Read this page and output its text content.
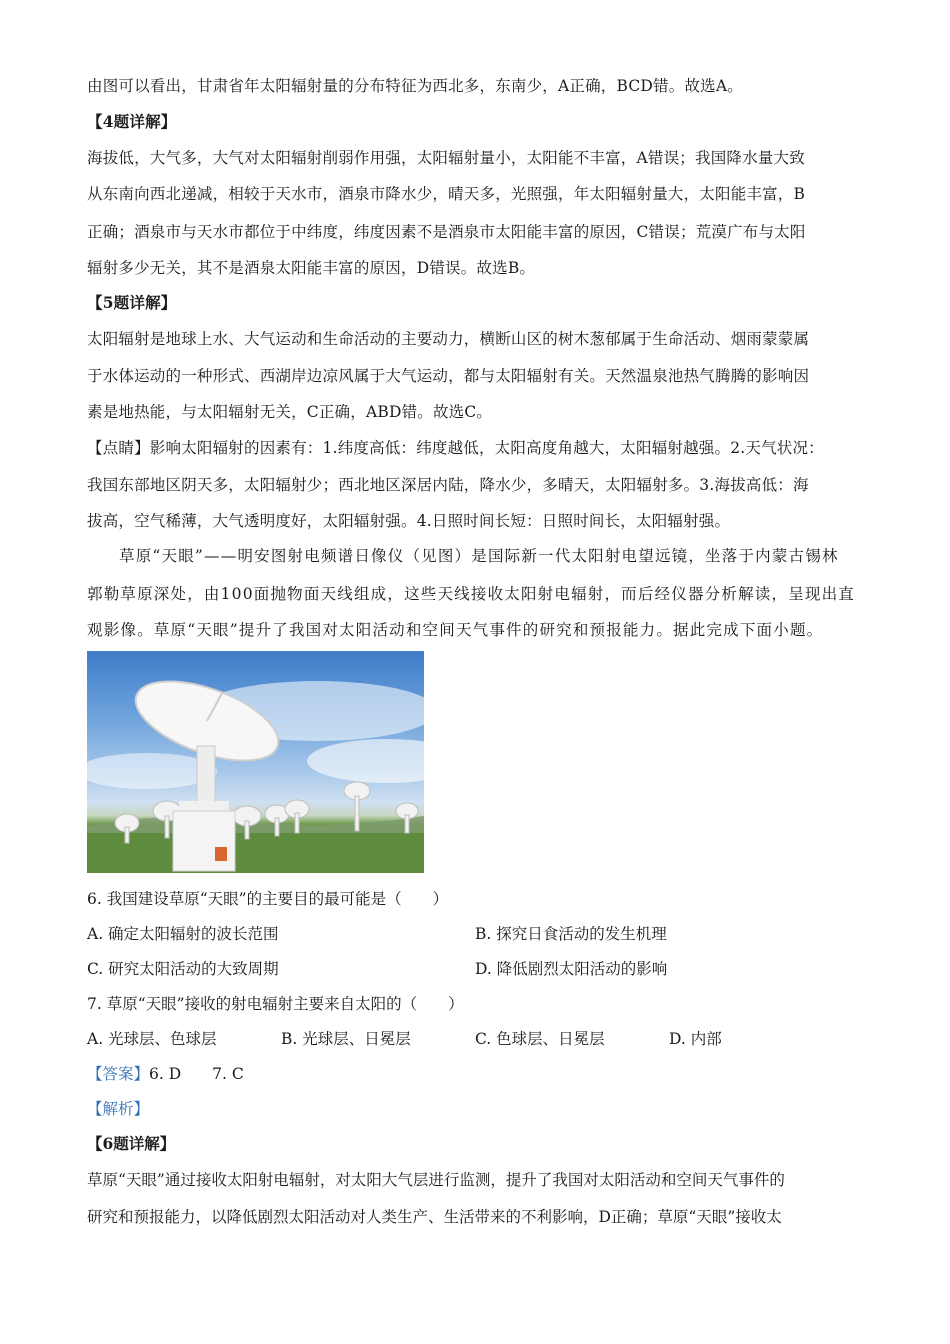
由图可以看出，甘肃省年太阳辐射量的分布特征为西北多，东南少，A正确，BCD错。故选A。
【4题详解】
海拔低，大气多，大气对太阳辐射削弱作用强，太阳辐射量小，太阳能不丰富，A错误；我国降水量大致
从东南向西北递减，相较于天水市，酒泉市降水少，晴天多，光照强，年太阳辐射量大，太阳能丰富，B
正确；酒泉市与天水市都位于中纬度，纬度因素不是酒泉市太阳能丰富的原因，C错误；荒漠广布与太阳
辐射多少无关，其不是酒泉太阳能丰富的原因，D错误。故选B。
【5题详解】
太阳辐射是地球上水、大气运动和生命活动的主要动力，横断山区的树木葱郁属于生命活动、烟雨蒙蒙属
于水体运动的一种形式、西湖岸边凉风属于大气运动，都与太阳辐射有关。天然温泉池热气腾腾的影响因
素是地热能，与太阳辐射无关，C正确，ABD错。故选C。
【点睛】影响太阳辐射的因素有：1.纬度高低：纬度越低，太阳高度角越大，太阳辐射越强。2.天气状况：
我国东部地区阴天多，太阳辐射少；西北地区深居内陆，降水少，多晴天，太阳辐射多。3.海拔高低：海
拔高，空气稀薄，大气透明度好，太阳辐射强。4.日照时间长短：日照时间长，太阳辐射强。
草原“天眼”——明安图射电频谱日像仪（见图）是国际新一代太阳射电望远镜，坐落于内蒙古锡林
郭勒草原深处，由100面抛物面天线组成，这些天线接收太阳射电辐射，而后经仪器分析解读，呈现出直
观影像。草原“天眼”提升了我国对太阳活动和空间天气事件的研究和预报能力。据此完成下面小题。
6. 我国建设草原“天眼”的主要目的最可能是（　　）
A. 确定太阳辐射的波长范围	B. 探究日食活动的发生机理
C. 研究太阳活动的大致周期	D. 降低剧烈太阳活动的影响
7. 草原“天眼”接收的射电辐射主要来自太阳的（　　）
A. 光球层、色球层	B. 光球层、日冕层	C. 色球层、日冕层	D. 内部
【答案】6. D　　7. C
【解析】
【6题详解】
草原“天眼”通过接收太阳射电辐射，对太阳大气层进行监测，提升了我国对太阳活动和空间天气事件的
研究和预报能力，以降低剧烈太阳活动对人类生产、生活带来的不利影响，D正确；草原“天眼”接收太
